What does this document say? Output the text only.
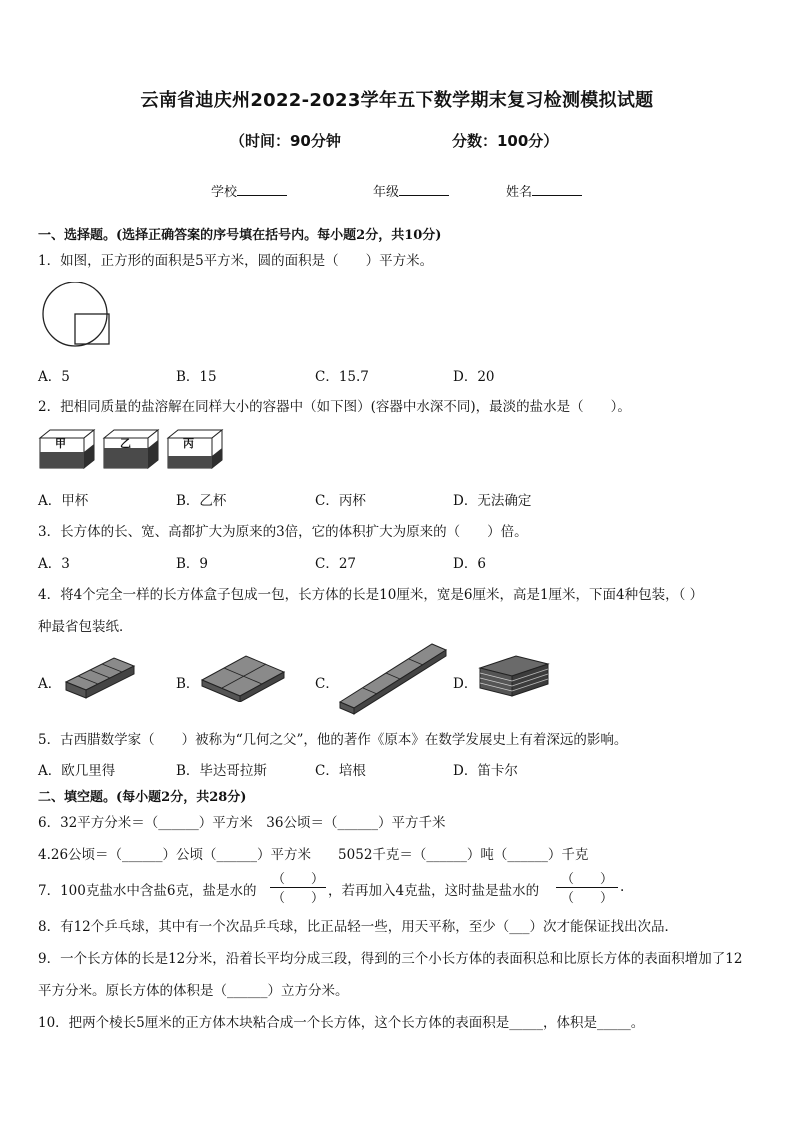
云南省迪庆州2022-2023学年五下数学期末复习检测模拟试题
（时间：90分钟	分数：100分）
学校	年级	姓名
一、选择题。(选择正确答案的序号填在括号内。每小题2分，共10分)
1．如图，正方形的面积是5平方米，圆的面积是（　　）平方米。
A．5	B．15	C．15.7	D．20
2．把相同质量的盐溶解在同样大小的容器中（如下图）(容器中水深不同)，最淡的盐水是（　　）。
甲	乙	丙
A．甲杯	B．乙杯	C．丙杯	D．无法确定
3．长方体的长、宽、高都扩大为原来的3倍，它的体积扩大为原来的（　　）倍。
A．3	B．9	C．27	D．6
4．将4个完全一样的长方体盒子包成一包，长方体的长是10厘米，宽是6厘米，高是1厘米，下面4种包装，（ ）
种最省包装纸．
A．	B．	C．	D．
5．古西腊数学家（　　）被称为“几何之父”，他的著作《原本》在数学发展史上有着深远的影响。
A．欧几里得	B．毕达哥拉斯	C．培根	D．笛卡尔
二、填空题。(每小题2分，共28分)
6．32平方分米＝（______）平方米　36公顷＝（______）平方千米
4.26公顷＝（______）公顷（______）平方米　　5052千克＝（______）吨（______）千克
7．100克盐水中含盐6克，盐是水的
（　　）
（　　） ，若再加入4克盐，这时盐是盐水的
（　　）
（　　）
.
8．有12个乒乓球，其中有一个次品乒乓球，比正品轻一些，用天平称，至少（___）次才能保证找出次品．
9．一个长方体的长是12分米，沿着长平均分成三段，得到的三个小长方体的表面积总和比原长方体的表面积增加了12
平方分米。原长方体的体积是（______）立方分米。
10．把两个棱长5厘米的正方体木块粘合成一个长方体，这个长方体的表面积是_____，体积是_____。
